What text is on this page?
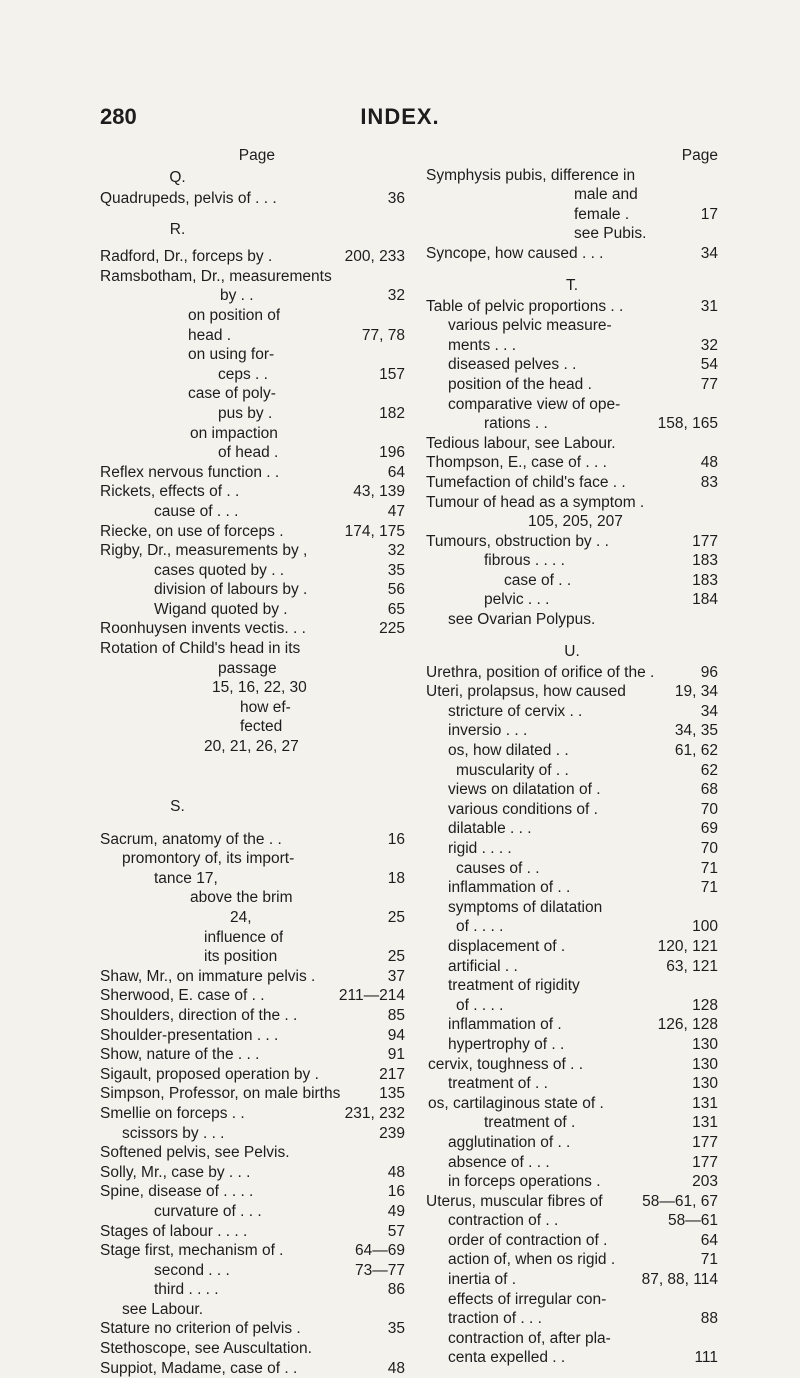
280	INDEX.
Page
Q.
Quadrupeds, pelvis of . . .	36
R.
Radford, Dr., forceps by .	200, 233
Ramsbotham, Dr., measurements
by . .	32
on position of
head .	77, 78
on using for-
ceps . .	157
case of poly-
pus by .	182
on impaction
of head .	196
Reflex nervous function . .	64
Rickets, effects of . .	43, 139
cause of . . .	47
Riecke, on use of forceps .	174, 175
Rigby, Dr., measurements by ,	32
cases quoted by . .	35
division of labours by .	56
Wigand quoted by .	65
Roonhuysen invents vectis. . .	225
Rotation of Child's head in its
passage
15, 16, 22, 30
how ef-
fected
20, 21, 26, 27
S.
Sacrum, anatomy of the . .	16
promontory of, its import-
tance 17,	18
above the brim
24,	25
influence of
its position	25
Shaw, Mr., on immature pelvis .	37
Sherwood, E. case of . .	211—214
Shoulders, direction of the . .	85
Shoulder-presentation . . .	94
Show, nature of the . . .	91
Sigault, proposed operation by .	217
Simpson, Professor, on male births	135
Smellie on forceps . .	231, 232
scissors by . . .	239
Softened pelvis, see Pelvis.
Solly, Mr., case by . . .	48
Spine, disease of . . . .	16
curvature of . . .	49
Stages of labour . . . .	57
Stage first, mechanism of .	64—69
second . . .	73—77
third . . . .	86
see Labour.
Stature no criterion of pelvis .	35
Stethoscope, see Auscultation.
Suppiot, Madame, case of . .	48
Page
Symphysis pubis, difference in
male and
female .	17
see Pubis.
Syncope, how caused . . .	34
T.
Table of pelvic proportions . .	31
various pelvic measure-
ments . . .	32
diseased pelves . .	54
position of the head .	77
comparative view of ope-
rations . .	158, 165
Tedious labour, see Labour.
Thompson, E., case of . . .	48
Tumefaction of child's face . .	83
Tumour of head as a symptom .
105, 205, 207
Tumours, obstruction by . .	177
fibrous . . . .	183
case of . .	183
pelvic . . .	184
see Ovarian Polypus.
U.
Urethra, position of orifice of the .	96
Uteri, prolapsus, how caused	19, 34
stricture of cervix . .	34
inversio . . .	34, 35
os, how dilated . .	61, 62
muscularity of . .	62
views on dilatation of .	68
various conditions of .	70
dilatable . . .	69
rigid . . . .	70
causes of . .	71
inflammation of . .	71
symptoms of dilatation
of . . . .	100
displacement of .	120, 121
artificial . .	63, 121
treatment of rigidity
of . . . .	128
inflammation of .	126, 128
hypertrophy of . .	130
cervix, toughness of . .	130
treatment of . .	130
os, cartilaginous state of .	131
treatment of .	131
agglutination of . .	177
absence of . . .	177
in forceps operations .	203
Uterus, muscular fibres of	58—61, 67
contraction of . .	58—61
order of contraction of .	64
action of, when os rigid .	71
inertia of .	87, 88, 114
effects of irregular con-
traction of . . .	88
contraction of, after pla-
centa expelled . .	111
